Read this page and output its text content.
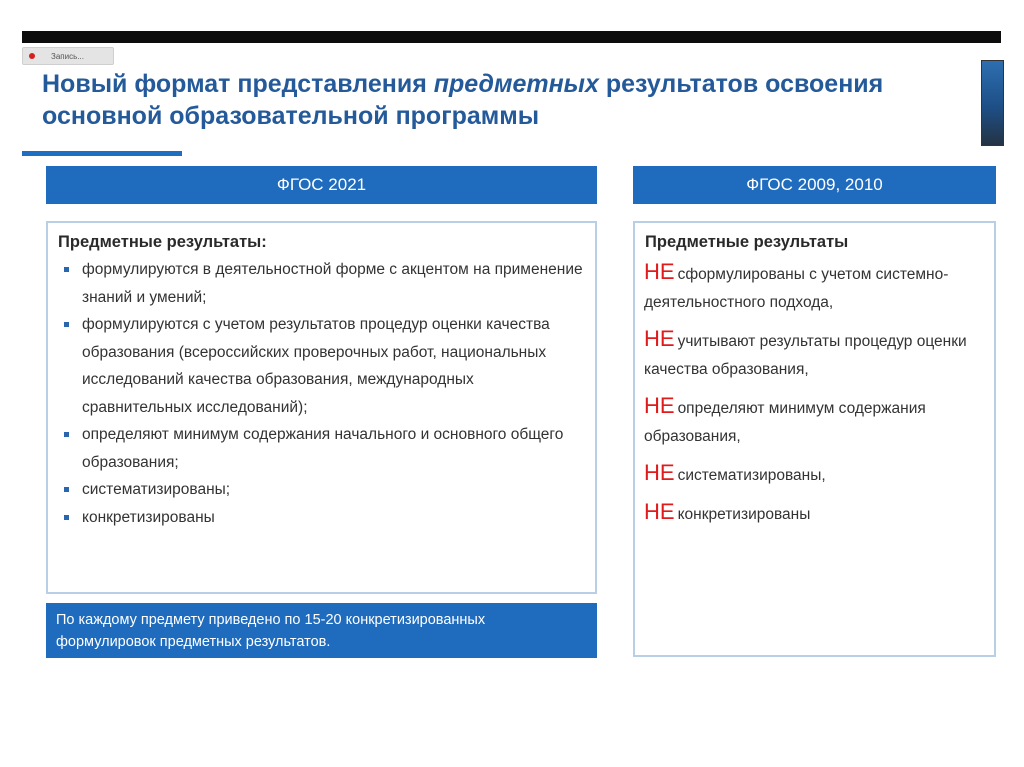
Запись...
Новый формат представления предметных результатов освоения
основной образовательной программы
ФГОС 2021
Предметные результаты:
формулируются в деятельностной форме с акцентом на применение знаний и умений;
формулируются с учетом результатов процедур оценки качества образования (всероссийских проверочных работ, национальных исследований качества образования, международных сравнительных исследований);
определяют минимум содержания начального и основного общего образования;
систематизированы;
конкретизированы
По каждому предмету приведено по 15-20 конкретизированных формулировок предметных результатов.
ФГОС 2009, 2010
Предметные результаты
НЕ сформулированы с учетом системно-деятельностного подхода,
НЕ учитывают результаты процедур оценки качества образования,
НЕ определяют минимум содержания образования,
НЕ систематизированы,
НЕ конкретизированы
